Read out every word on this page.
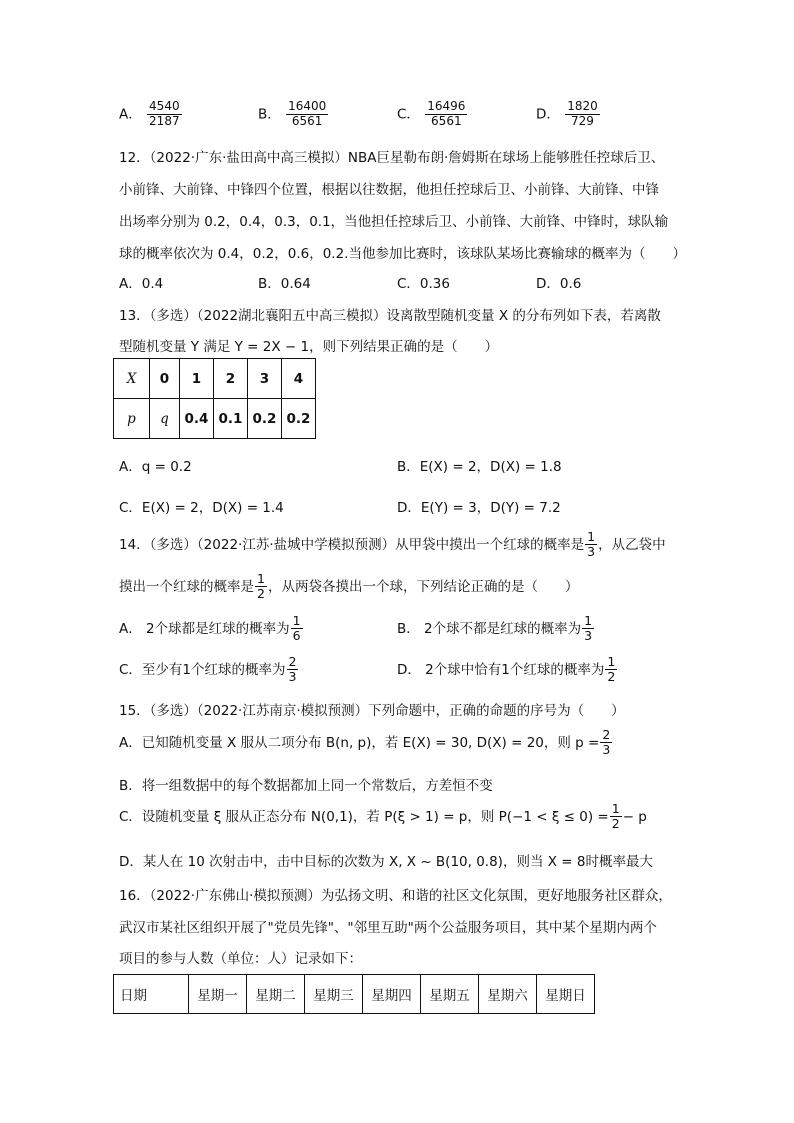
A． $\frac{4540}{2187}$	B． $\frac{16400}{6561}$	C． $\frac{16496}{6561}$	D． $\frac{1820}{729}$
12．（2022·广东·盐田高中高三模拟）NBA巨星勒布朗·詹姆斯在球场上能够胜任控球后卫、
小前锋、大前锋、中锋四个位置，根据以往数据，他担任控球后卫、小前锋、大前锋、中锋
出场率分别为 0.2，0.4，0.3，0.1，当他担任控球后卫、小前锋、大前锋、中锋时，球队输
球的概率依次为 0.4，0.2，0.6，0.2.当他参加比赛时，该球队某场比赛输球的概率为（　　）
A．0.4	B．0.64	C．0.36	D．0.6
13．（多选）（2022湖北襄阳五中高三模拟）设离散型随机变量 X 的分布列如下表，若离散
型随机变量 Y 满足 Y = 2X − 1，则下列结果正确的是（　　）
X	0	1	2	3	4
p	q	0.4	0.1	0.2	0.2
A．q = 0.2	B．E(X) = 2，D(X) = 1.8
C．E(X) = 2，D(X) = 1.4	D．E(Y) = 3，D(Y) = 7.2
14．（多选）（2022·江苏·盐城中学模拟预测）从甲袋中摸出一个红球的概率是 $\frac{1}{3}$ ，从乙袋中
摸出一个红球的概率是 $\frac{1}{2}$ ，从两袋各摸出一个球，下列结论正确的是（　　）
A． 2个球都是红球的概率为 $\frac{1}{6}$	B． 2个球不都是红球的概率为 $\frac{1}{3}$
C．至少有1个红球的概率为 $\frac{2}{3}$	D． 2个球中恰有1个红球的概率为 $\frac{1}{2}$
15．（多选）（2022·江苏南京·模拟预测）下列命题中，正确的命题的序号为（　　）
A．已知随机变量 X 服从二项分布 B(n, p)，若 E(X) = 30, D(X) = 20，则 $p = \frac{2}{3}$
B．将一组数据中的每个数据都加上同一个常数后，方差恒不变
C．设随机变量 ξ 服从正态分布 N(0,1)，若 P(ξ > 1) = p，则 $P(-1 < \xi \le 0) = \frac{1}{2} - p$
D．某人在 10 次射击中，击中目标的次数为 X, X ~ B(10, 0.8)，则当 X = 8时概率最大
16．（2022·广东佛山·模拟预测）为弘扬文明、和谐的社区文化氛围，更好地服务社区群众，
武汉市某社区组织开展了"党员先锋"、"邻里互助"两个公益服务项目，其中某个星期内两个
项目的参与人数（单位：人）记录如下：
日期	星期一	星期二	星期三	星期四	星期五	星期六	星期日
